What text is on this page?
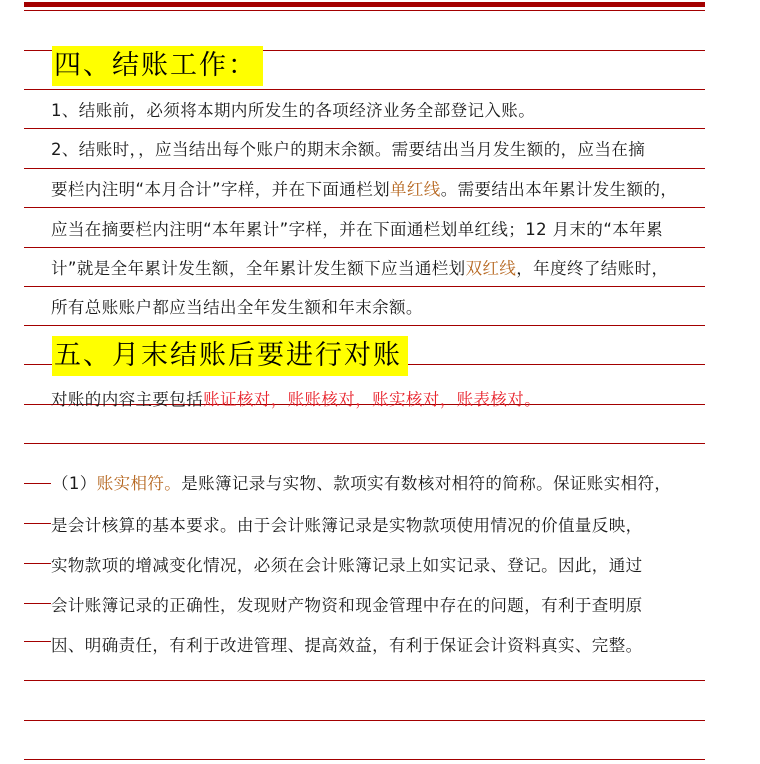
四、结账工作：
1、结账前，必须将本期内所发生的各项经济业务全部登记入账。
2、结账时，，应当结出每个账户的期末余额。需要结出当月发生额的，应当在摘
要栏内注明“本月合计”字样，并在下面通栏划单红线。需要结出本年累计发生额的，
应当在摘要栏内注明“本年累计”字样，并在下面通栏划单红线；12 月末的“本年累
计”就是全年累计发生额，全年累计发生额下应当通栏划双红线，年度终了结账时，
所有总账账户都应当结出全年发生额和年末余额。
五、月末结账后要进行对账
对账的内容主要包括账证核对，账账核对，账实核对，账表核对。
（1）账实相符。是账簿记录与实物、款项实有数核对相符的简称。保证账实相符，
是会计核算的基本要求。由于会计账簿记录是实物款项使用情况的价值量反映，
实物款项的增减变化情况，必须在会计账簿记录上如实记录、登记。因此，通过
会计账簿记录的正确性，发现财产物资和现金管理中存在的问题，有利于查明原
因、明确责任，有利于改进管理、提高效益，有利于保证会计资料真实、完整。
